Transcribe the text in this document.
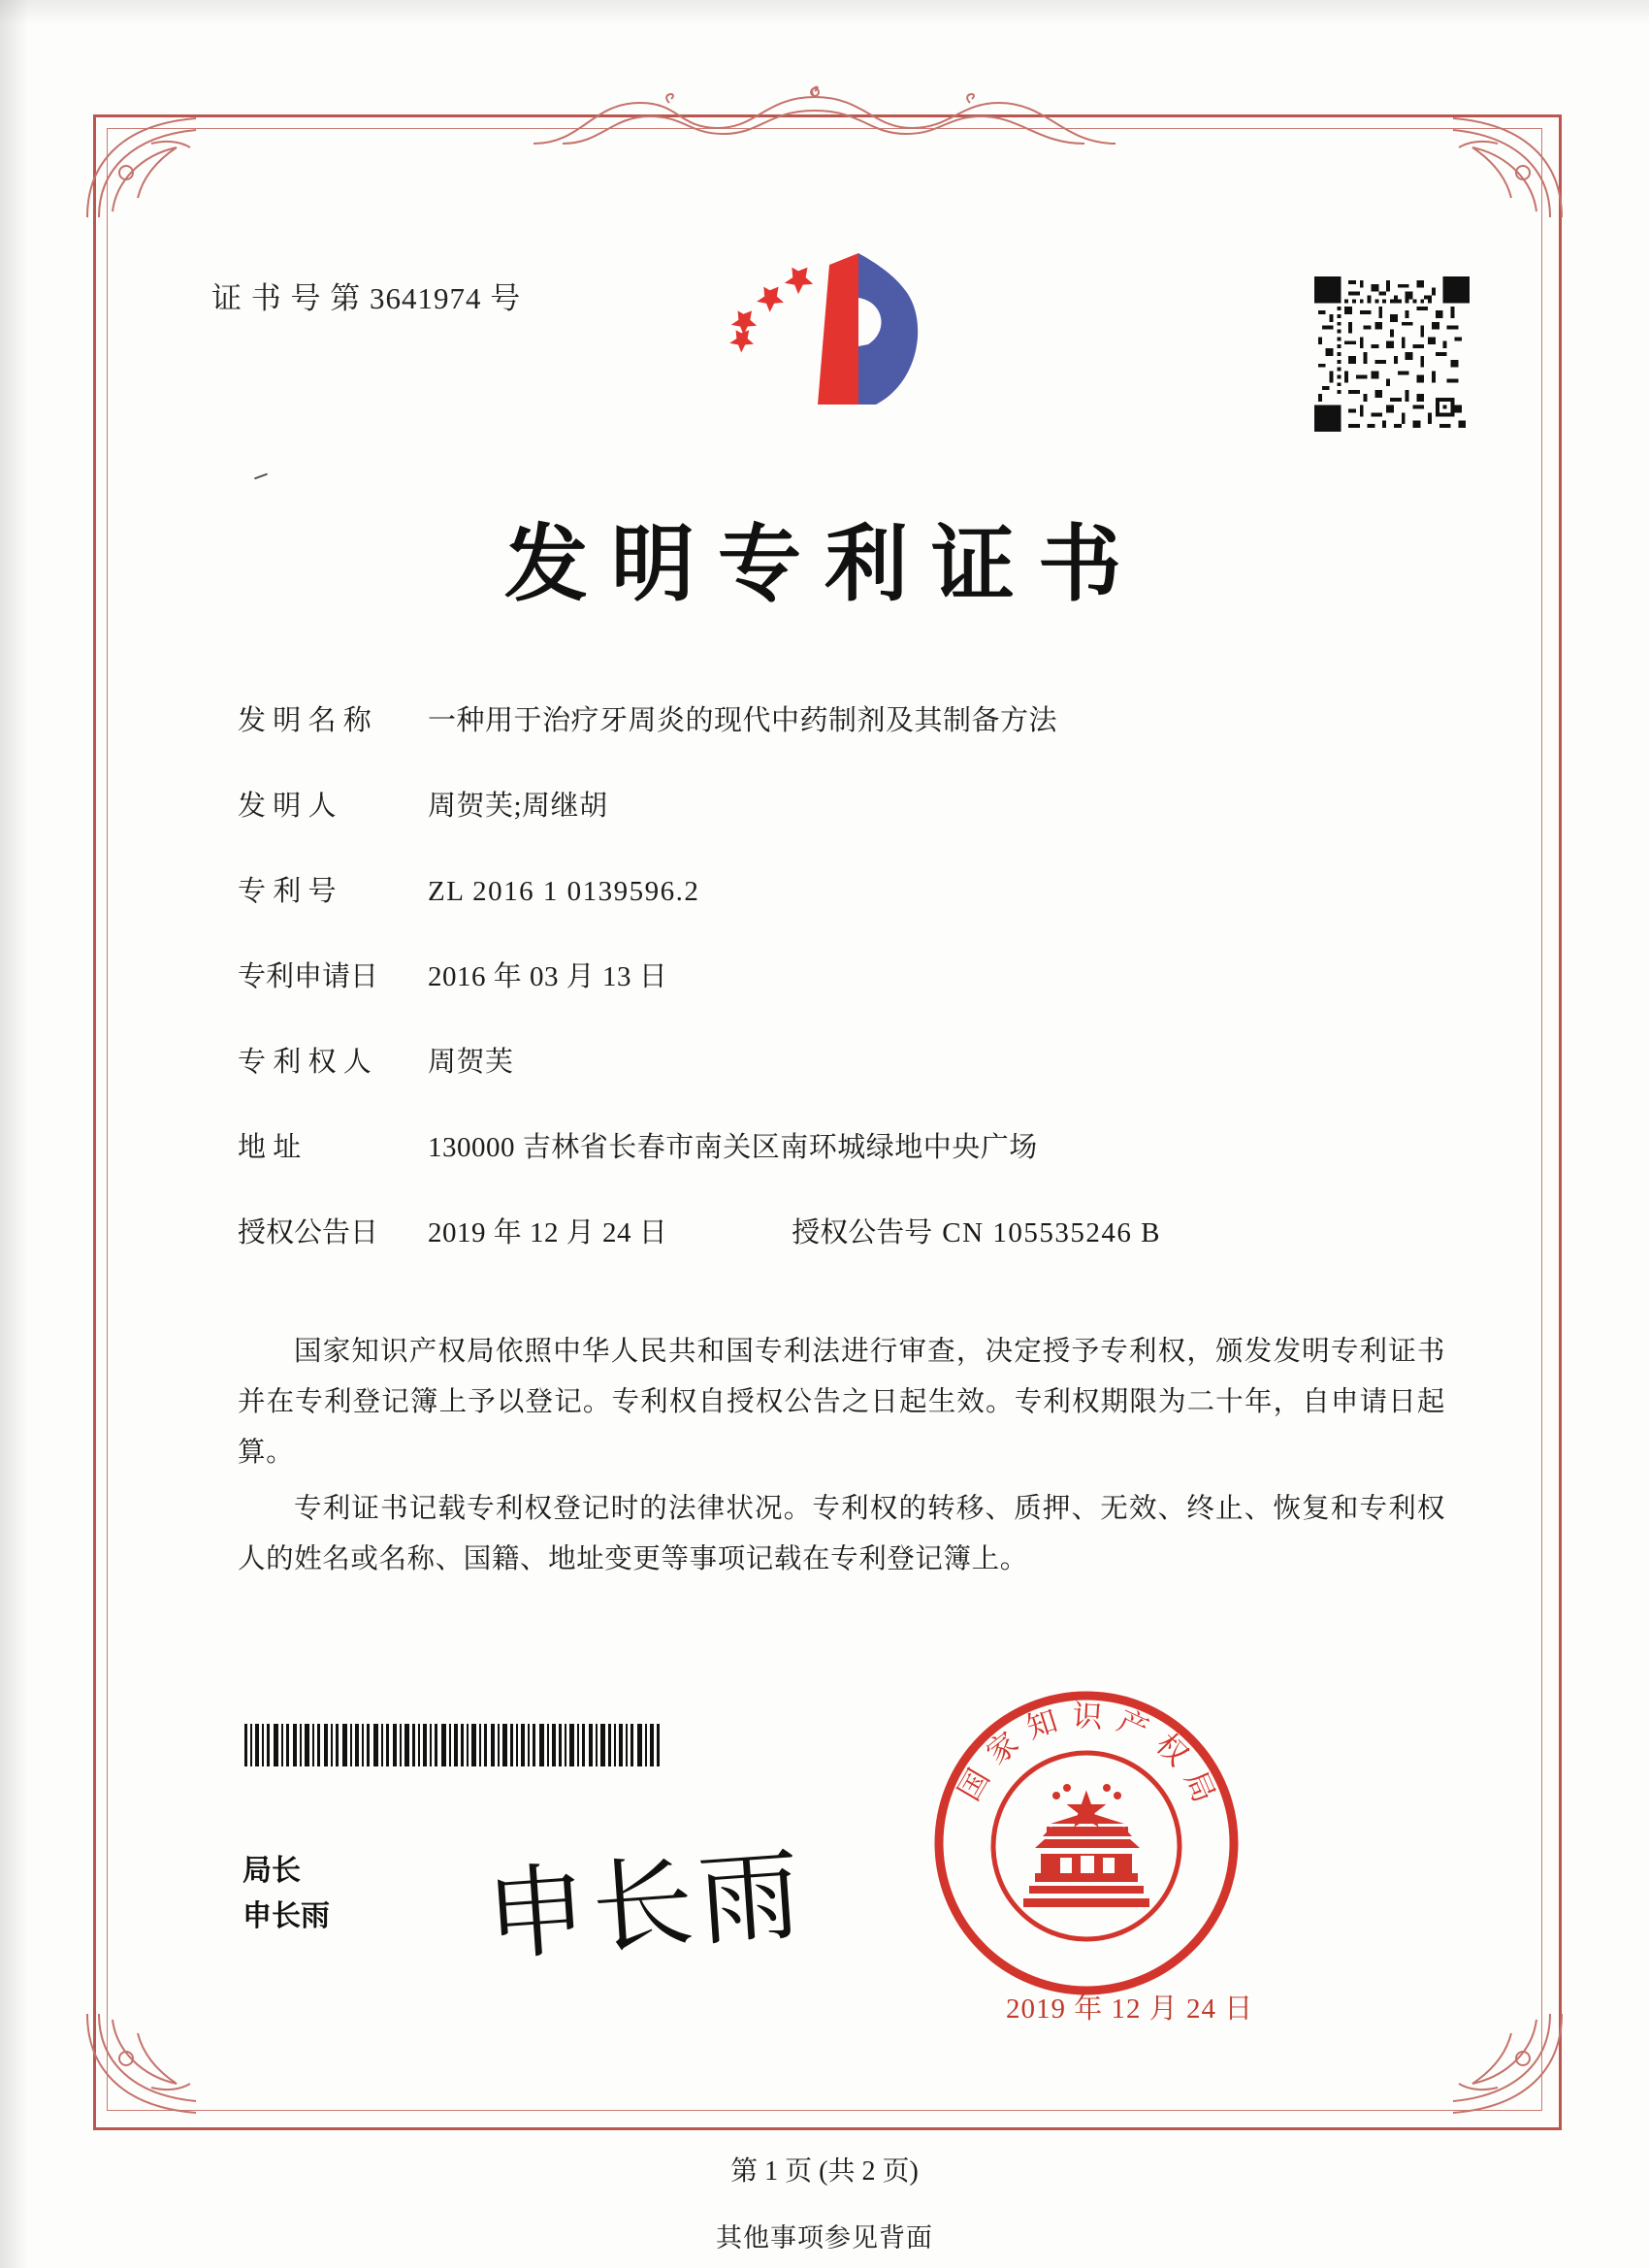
证 书 号 第 3641974 号
发明专利证书
发 明 名 称	一种用于治疗牙周炎的现代中药制剂及其制备方法
发 明 人	周贺芙;周继胡
专 利 号	ZL 2016 1 0139596.2
专利申请日	2016 年 03 月 13 日
专 利 权 人	周贺芙
地 址	130000 吉林省长春市南关区南环城绿地中央广场
授权公告日	2019 年 12 月 24 日	授权公告号 CN 105535246 B

国家知识产权局依照中华人民共和国专利法进行审查，决定授予专利权，颁发发明专利证书并在专利登记簿上予以登记。专利权自授权公告之日起生效。专利权期限为二十年，自申请日起算。

专利证书记载专利权登记时的法律状况。专利权的转移、质押、无效、终止、恢复和专利权人的姓名或名称、国籍、地址变更等事项记载在专利登记簿上。

局长
申长雨 申长雨
国家知识产权局
2019 年 12 月 24 日
第 1 页 (共 2 页)
其他事项参见背面
